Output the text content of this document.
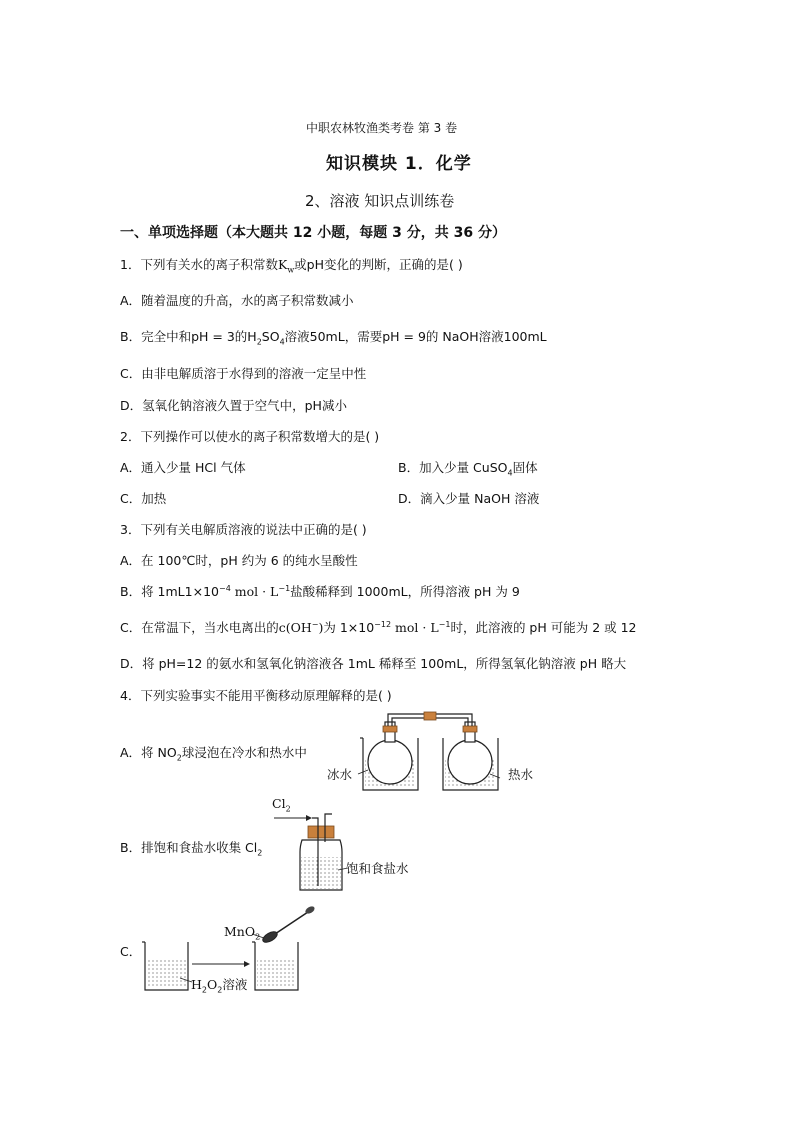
中职农林牧渔类考卷 第 3 卷
知识模块 1．化学
2、溶液 知识点训练卷
一、单项选择题（本大题共 12 小题，每题 3 分，共 36 分）
1．下列有关水的离子积常数$K_w$或pH变化的判断，正确的是( )
A．随着温度的升高，水的离子积常数减小
B．完全中和pH = 3的$H_2SO_4$溶液50mL，需要pH = 9的 NaOH溶液100mL
C．由非电解质溶于水得到的溶液一定呈中性
D．氢氧化钠溶液久置于空气中，pH减小
2．下列操作可以使水的离子积常数增大的是( )
A．通入少量 HCl 气体	B．加入少量 CuSO$_4$固体
C．加热	D．滴入少量 NaOH 溶液
3．下列有关电解质溶液的说法中正确的是( )
A．在 100℃时，pH 约为 6 的纯水呈酸性
B．将 $1mL1\times 10^{-4}$ mol · $L^{-1}$盐酸稀释到 1000mL，所得溶液 pH 为 9
C．在常温下，当水电离出的c(OH−)为 $1\times 10^{-12}$ mol · $L^{-1}$时，此溶液的 pH 可能为 2 或 12
D．将 pH=12 的氨水和氢氧化钠溶液各 1mL 稀释至 100mL，所得氢氧化钠溶液 pH 略大
4．下列实验事实不能用平衡移动原理解释的是( )
A．将 $NO_2$球浸泡在冷水和热水中
B．排饱和食盐水收集 $Cl_2$
C．
冰水	热水
$Cl_2$
饱和食盐水
MnO$_2$
$H_2O_2$溶液
